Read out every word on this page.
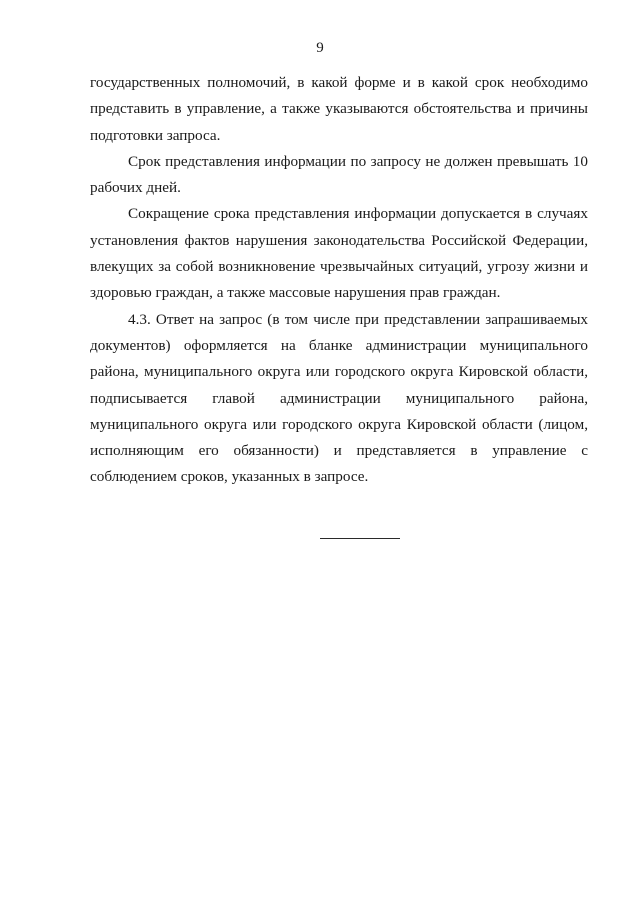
9

государственных полномочий, в какой форме и в какой срок необходимо представить в управление, а также указываются обстоятельства и причины подготовки запроса.

Срок представления информации по запросу не должен превышать 10 рабочих дней.

Сокращение срока представления информации допускается в случаях установления фактов нарушения законодательства Российской Федерации, влекущих за собой возникновение чрезвычайных ситуаций, угрозу жизни и здоровью граждан, а также массовые нарушения прав граждан.

4.3. Ответ на запрос (в том числе при представлении запрашиваемых документов) оформляется на бланке администрации муниципального района, муниципального округа или городского округа Кировской области, подписывается главой администрации муниципального района, муниципального округа или городского округа Кировской области (лицом, исполняющим его обязанности) и представляется в управление с соблюдением сроков, указанных в запросе.
